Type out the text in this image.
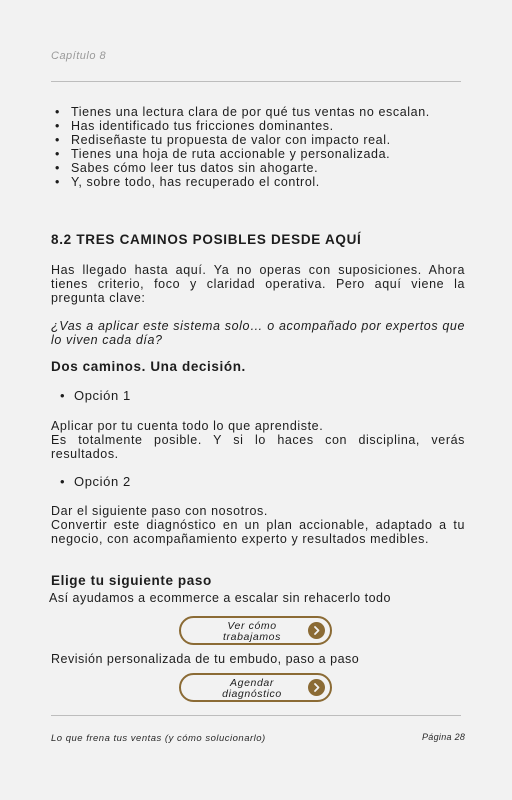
Capítulo 8
• Tienes una lectura clara de por qué tus ventas no escalan.
• Has identificado tus fricciones dominantes.
• Rediseñaste tu propuesta de valor con impacto real.
• Tienes una hoja de ruta accionable y personalizada.
• Sabes cómo leer tus datos sin ahogarte.
• Y, sobre todo, has recuperado el control.
8.2 TRES CAMINOS POSIBLES DESDE AQUÍ

Has llegado hasta aquí. Ya no operas con suposiciones. Ahora tienes criterio, foco y claridad operativa. Pero aquí viene la pregunta clave:

¿Vas a aplicar este sistema solo… o acompañado por expertos que lo viven cada día?

Dos caminos. Una decisión.
• Opción 1
Aplicar por tu cuenta todo lo que aprendiste.
Es totalmente posible. Y si lo haces con disciplina, verás resultados.
• Opción 2
Dar el siguiente paso con nosotros.
Convertir este diagnóstico en un plan accionable, adaptado a tu negocio, con acompañamiento experto y resultados medibles.
Elige tu siguiente paso
Así ayudamos a ecommerce a escalar sin rehacerlo todo
Ver cómo
trabajamos
Revisión personalizada de tu embudo, paso a paso
Agendar
diagnóstico
Lo que frena tus ventas (y cómo solucionarlo)	Página 28
